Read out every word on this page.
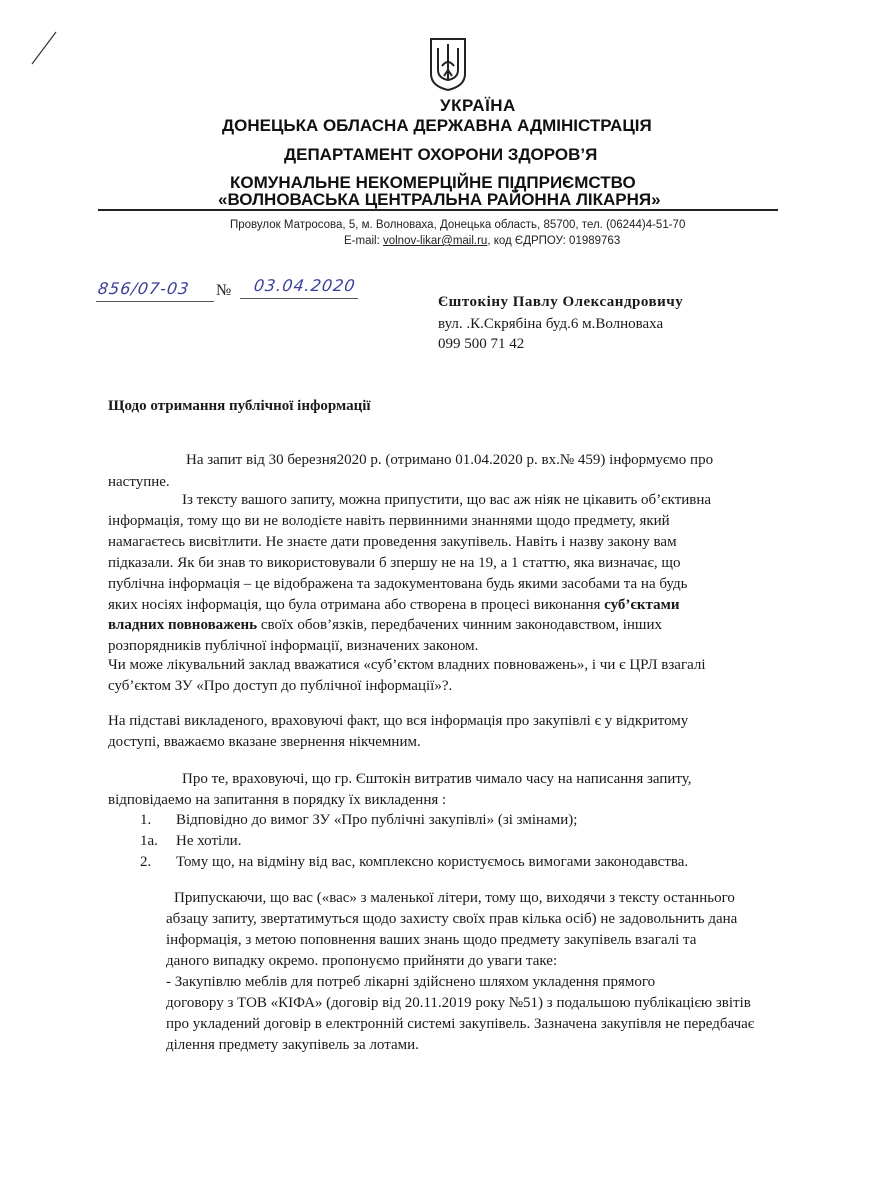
УКРАЇНА
ДОНЕЦЬКА ОБЛАСНА ДЕРЖАВНА АДМІНІСТРАЦІЯ
ДЕПАРТАМЕНТ ОХОРОНИ ЗДОРОВ’Я
КОМУНАЛЬНЕ НЕКОМЕРЦІЙНЕ ПІДПРИЄМСТВО
«ВОЛНОВАСЬКА ЦЕНТРАЛЬНА РАЙОННА ЛІКАРНЯ»
Провулок Матросова, 5, м. Волноваха, Донецька область, 85700, тел. (06244)4-51-70
E-mail: volnov-likar@mail.ru, код ЄДРПОУ: 01989763
856/07-03 № 03.04.2020
Єштокіну Павлу Олександровичу
вул. .К.Скрябіна буд.6 м.Волноваха
099 500 71 42
Щодо отримання публічної інформації
На запит від 30 березня2020 р. (отримано 01.04.2020 р. вх.№ 459) інформуємо про
наступне.
Із тексту вашого запиту, можна припустити, що вас аж ніяк не цікавить об’єктивна
інформація, тому що ви не володієте навіть первинними знаннями щодо предмету, який
намагаєтесь висвітлити. Не знаєте дати проведення закупівель. Навіть і назву закону вам
підказали. Як би знав то використовували б зпершу не на 19, а 1 статтю, яка визначає, що
публічна інформація – це відображена та задокументована будь якими засобами та на будь
яких носіях інформація, що була отримана або створена в процесі виконання суб’єктами
владних повноважень своїх обов’язків, передбачених чинним законодавством, інших
розпорядників публічної інформації, визначених законом.
Чи може лікувальний заклад вважатися «суб’єктом владних повноважень», і чи є ЦРЛ взагалі
суб’єктом ЗУ «Про доступ до публічної інформації»?.
На підставі викладеного, враховуючі факт, що вся інформація про закупівлі є у відкритому
доступі, вважаємо вказане звернення нікчемним.
Про те, враховуючі, що гр. Єштокін витратив чимало часу на написання запиту,
відповідаемо на запитання в порядку їх викладення :
1. Відповідно до вимог ЗУ «Про публічні закупівлі» (зі змінами);
1а. Не хотіли.
2. Тому що, на відміну від вас, комплексно користуємось вимогами законодавства.
Припускаючи, що вас («вас» з маленької літери, тому що, виходячи з тексту останнього
абзацу запиту, звертатимуться щодо захисту своїх прав кілька осіб) не задовольнить дана
інформація, з метою поповнення ваших знань щодо предмету закупівель взагалі та
даного випадку окремо. пропонуємо прийняти до уваги таке:
- Закупівлю меблів для потреб лікарні здійснено шляхом укладення прямого
договору з ТОВ «КІФА» (договір від 20.11.2019 року №51) з подальшою публікацією звітів
про укладений договір в електронній системі закупівель. Зазначена закупівля не передбачає
ділення предмету закупівель за лотами.
